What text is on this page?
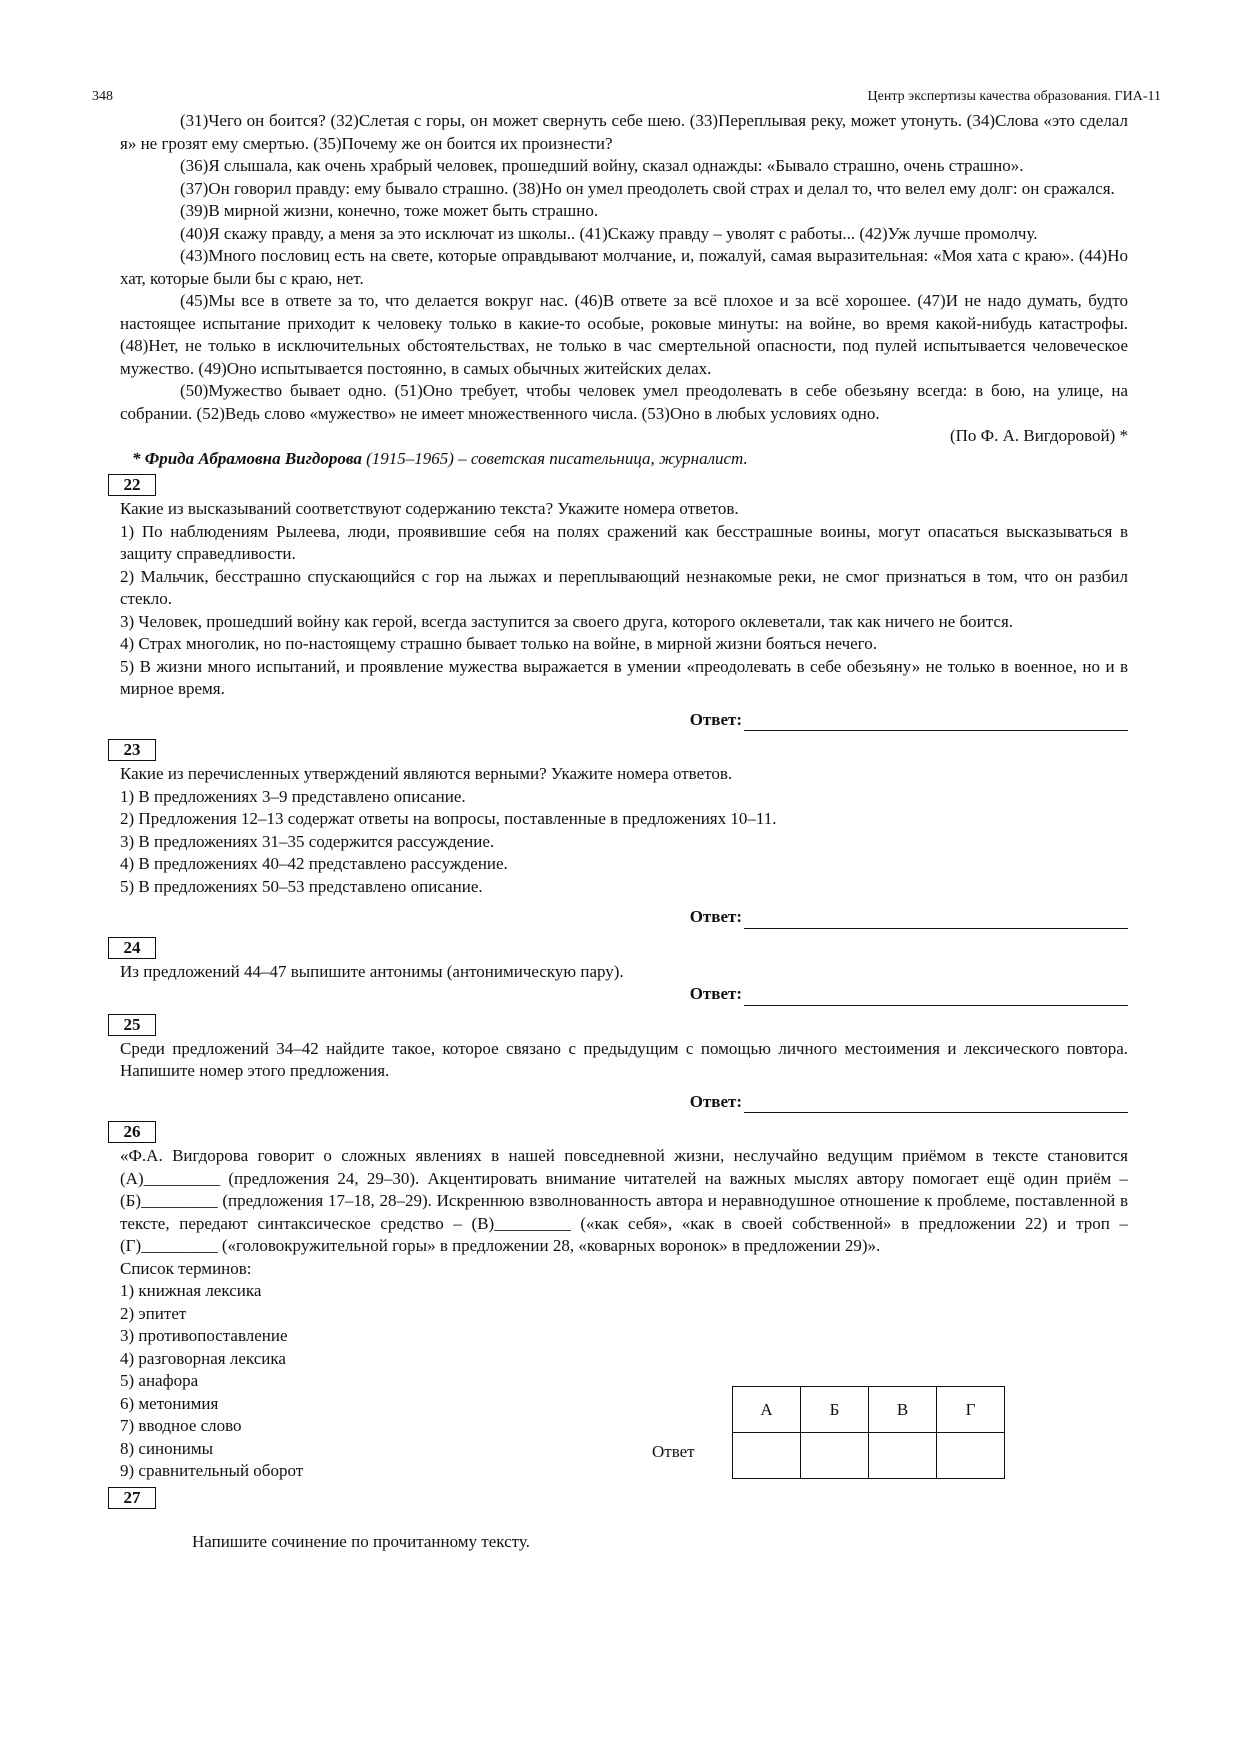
348	Центр экспертизы качества образования. ГИА-11

(31)Чего он боится? (32)Слетая с горы, он может свернуть себе шею. (33)Переплывая реку, может утонуть. (34)Слова «это сделал я» не грозят ему смертью. (35)Почему же он боится их произнести?

(36)Я слышала, как очень храбрый человек, прошедший войну, сказал однажды: «Бывало страшно, очень страшно».

(37)Он говорил правду: ему бывало страшно. (38)Но он умел преодолеть свой страх и делал то, что велел ему долг: он сражался.

(39)В мирной жизни, конечно, тоже может быть страшно.

(40)Я скажу правду, а меня за это исключат из школы.. (41)Скажу правду – уволят с работы... (42)Уж лучше промолчу.

(43)Много пословиц есть на свете, которые оправдывают молчание, и, пожалуй, самая выразительная: «Моя хата с краю». (44)Но хат, которые были бы с краю, нет.

(45)Мы все в ответе за то, что делается вокруг нас. (46)В ответе за всё плохое и за всё хорошее. (47)И не надо думать, будто настоящее испытание приходит к человеку только в какие-то особые, роковые минуты: на войне, во время какой-нибудь катастрофы. (48)Нет, не только в исключительных обстоятельствах, не только в час смертельной опасности, под пулей испытывается человеческое мужество. (49)Оно испытывается постоянно, в самых обычных житейских делах.

(50)Мужество бывает одно. (51)Оно требует, чтобы человек умел преодолевать в себе обезьяну всегда: в бою, на улице, на собрании. (52)Ведь слово «мужество» не имеет множественного числа. (53)Оно в любых условиях одно.

(По Ф. А. Вигдоровой) *

* Фрида Абрамовна Вигдорова (1915–1965) – советская писательница, журналист.

22

Какие из высказываний соответствуют содержанию текста? Укажите номера ответов.

1) По наблюдениям Рылеева, люди, проявившие себя на полях сражений как бесстрашные воины, могут опасаться высказываться в защиту справедливости.

2) Мальчик, бесстрашно спускающийся с гор на лыжах и переплывающий незнакомые реки, не смог признаться в том, что он разбил стекло.

3) Человек, прошедший войну как герой, всегда заступится за своего друга, которого оклеветали, так как ничего не боится.

4) Страх многолик, но по-настоящему страшно бывает только на войне, в мирной жизни бояться нечего.

5) В жизни много испытаний, и проявление мужества выражается в умении «преодолевать в себе обезьяну» не только в военное, но и в мирное время.

Ответ:
23

Какие из перечисленных утверждений являются верными? Укажите номера ответов.

1) В предложениях 3–9 представлено описание.

2) Предложения 12–13 содержат ответы на вопросы, поставленные в предложениях 10–11.

3) В предложениях 31–35 содержится рассуждение.

4) В предложениях 40–42 представлено рассуждение.

5) В предложениях 50–53 представлено описание.

Ответ:
24

Из предложений 44–47 выпишите антонимы (антонимическую пару).

Ответ:
25

Среди предложений 34–42 найдите такое, которое связано с предыдущим с помощью личного местоимения и лексического повтора. Напишите номер этого предложения.

Ответ:
26

«Ф.А. Вигдорова говорит о сложных явлениях в нашей повседневной жизни, неслучайно ведущим приёмом в тексте становится (А)_________ (предложения 24, 29–30). Акцентировать внимание читателей на важных мыслях автору помогает ещё один приём – (Б)_________ (предложения 17–18, 28–29). Искреннюю взволнованность автора и неравнодушное отношение к проблеме, поставленной в тексте, передают синтаксическое средство – (В)_________ («как себя», «как в своей собственной» в предложении 22) и троп – (Г)_________ («головокружительной горы» в предложении 28, «коварных воронок» в предложении 29)».

Список терминов:

1) книжная лексика

2) эпитет

3) противопоставление

4) разговорная лексика

5) анафора

6) метонимия

7) вводное слово

8) синонимы

9) сравнительный оборот

27

Напишите сочинение по прочитанному тексту.

Ответ
А	Б	В	Г
